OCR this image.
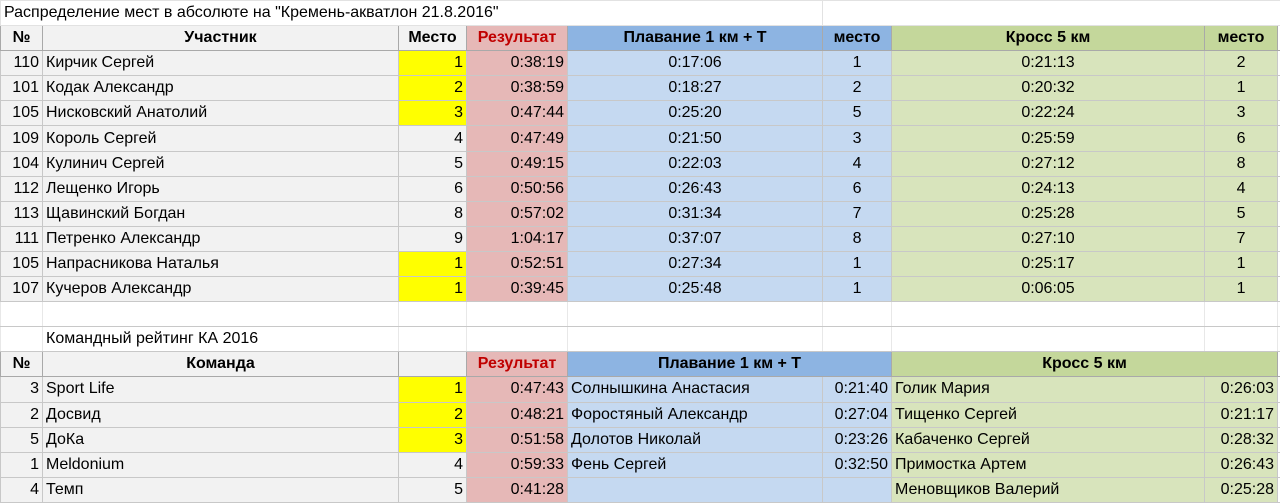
Распределение мест в абсолюте на "Кремень-акватлон 21.8.2016"								
№	Участник	Место	Результат	Плавание 1 км + Т	место	Кросс 5 км	место	
110	Кирчик Сергей	1	0:38:19	0:17:06	1	0:21:13	2	
101	Кодак Александр	2	0:38:59	0:18:27	2	0:20:32	1	
105	Нисковский Анатолий	3	0:47:44	0:25:20	5	0:22:24	3	
109	Король Сергей	4	0:47:49	0:21:50	3	0:25:59	6	
104	Кулинич Сергей	5	0:49:15	0:22:03	4	0:27:12	8	
112	Лещенко Игорь	6	0:50:56	0:26:43	6	0:24:13	4	
113	Щавинский Богдан	8	0:57:02	0:31:34	7	0:25:28	5	
111	Петренко Александр	9	1:04:17	0:37:07	8	0:27:10	7	
105	Напрасникова Наталья	1	0:52:51	0:27:34	1	0:25:17	1	
107	Кучеров Александр	1	0:39:45	0:25:48	1	0:06:05	1	

	Командный рейтинг КА 2016							
№	Команда		Результат	Плавание 1 км + Т		Кросс 5 км		
3	Sport Life	1	0:47:43	Солнышкина Анастасия	0:21:40	Голик Мария	0:26:03	
2	Досвид	2	0:48:21	Форостяный Александр	0:27:04	Тищенко Сергей	0:21:17	
5	ДоКа	3	0:51:58	Долотов Николай	0:23:26	Кабаченко Сергей	0:28:32	
1	Meldonium	4	0:59:33	Фень Сергей	0:32:50	Примостка Артем	0:26:43	
4	Темп	5	0:41:28			Меновщиков Валерий	0:25:28	
